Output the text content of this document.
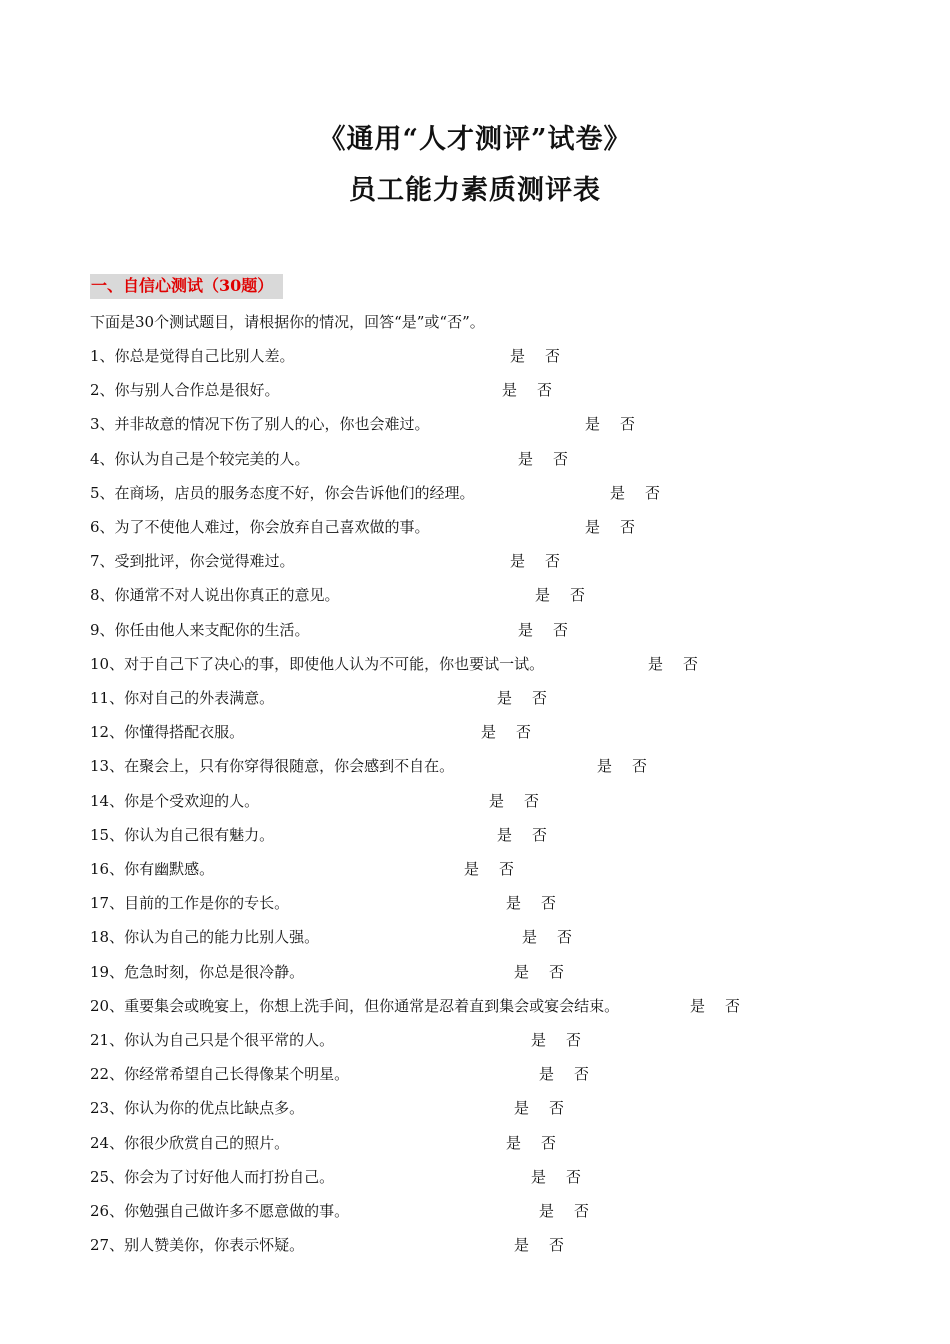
《通用“人才测评”试卷》
员工能力素质测评表
一、自信心测试（30题）
下面是30个测试题目，请根据你的情况，回答“是”或“否”。
1、你总是觉得自己比别人差。	是 否
2、你与别人合作总是很好。	是 否
3、并非故意的情况下伤了别人的心，你也会难过。	是 否
4、你认为自己是个较完美的人。	是 否
5、在商场，店员的服务态度不好，你会告诉他们的经理。	是 否
6、为了不使他人难过，你会放弃自己喜欢做的事。	是 否
7、受到批评，你会觉得难过。	是 否
8、你通常不对人说出你真正的意见。	是 否
9、你任由他人来支配你的生活。	是 否
10、对于自己下了决心的事，即使他人认为不可能，你也要试一试。	是 否
11、你对自己的外表满意。	是 否
12、你懂得搭配衣服。	是 否
13、在聚会上，只有你穿得很随意，你会感到不自在。	是 否
14、你是个受欢迎的人。	是 否
15、你认为自己很有魅力。	是 否
16、你有幽默感。	是 否
17、目前的工作是你的专长。	是 否
18、你认为自己的能力比别人强。	是 否
19、危急时刻，你总是很冷静。	是 否
20、重要集会或晚宴上，你想上洗手间，但你通常是忍着直到集会或宴会结束。	是 否
21、你认为自己只是个很平常的人。	是 否
22、你经常希望自己长得像某个明星。	是 否
23、你认为你的优点比缺点多。	是 否
24、你很少欣赏自己的照片。	是 否
25、你会为了讨好他人而打扮自己。	是 否
26、你勉强自己做许多不愿意做的事。	是 否
27、别人赞美你，你表示怀疑。	是 否
